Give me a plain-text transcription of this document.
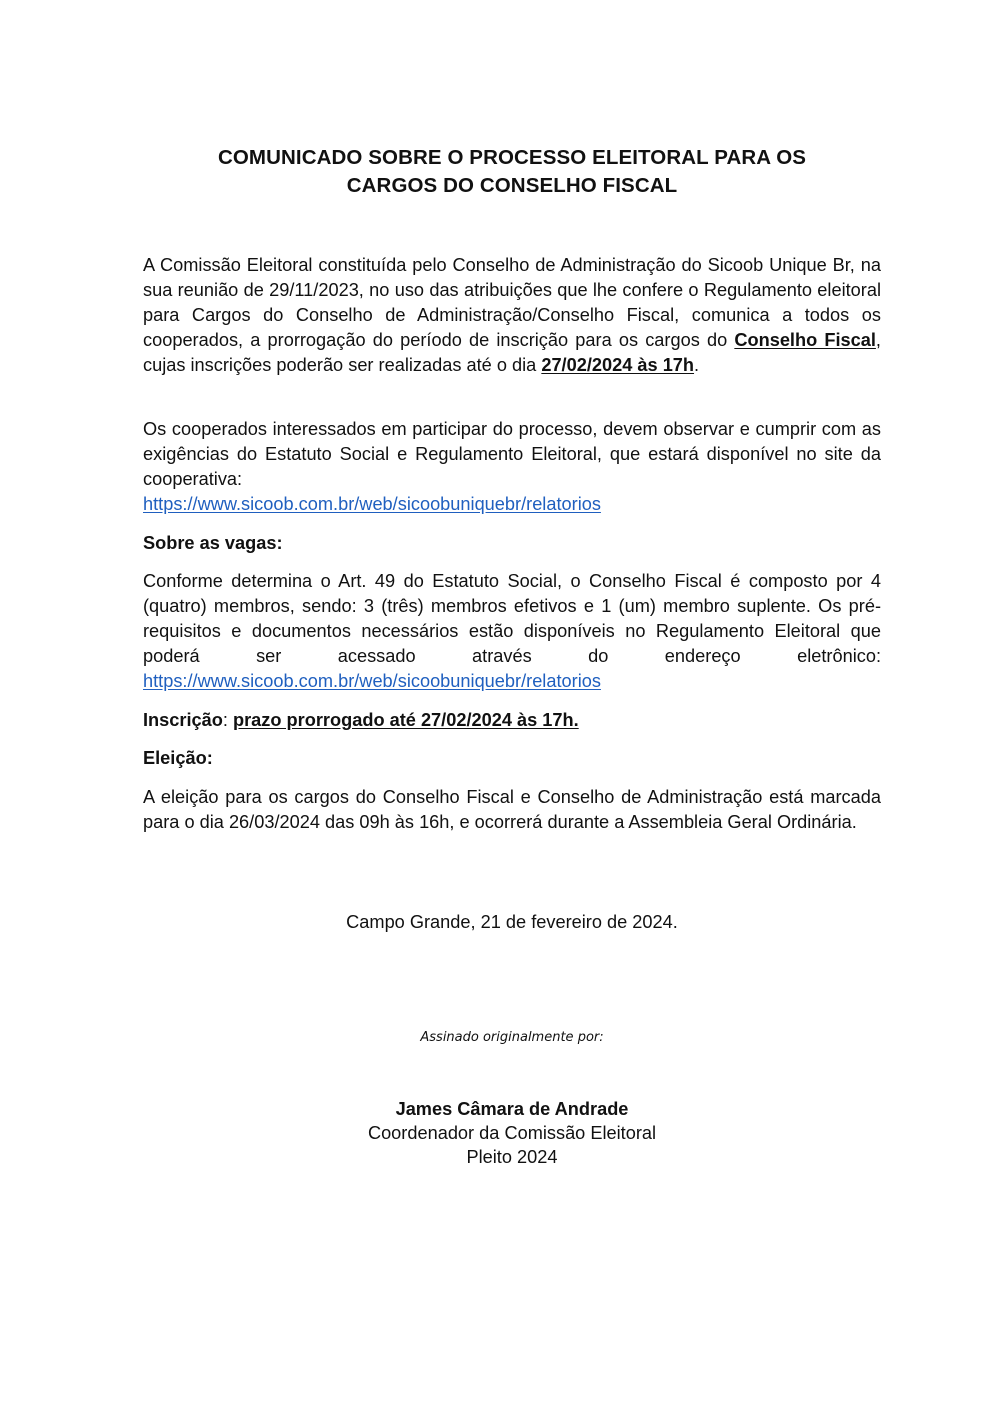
COMUNICADO SOBRE O PROCESSO ELEITORAL PARA OS
CARGOS DO CONSELHO FISCAL
A Comissão Eleitoral constituída pelo Conselho de Administração do Sicoob Unique Br, na sua reunião de 29/11/2023, no uso das atribuições que lhe confere o Regulamento eleitoral para Cargos do Conselho de Administração/Conselho Fiscal, comunica a todos os cooperados, a prorrogação do período de inscrição para os cargos do Conselho Fiscal, cujas inscrições poderão ser realizadas até o dia 27/02/2024 às 17h.
Os cooperados interessados em participar do processo, devem observar e cumprir com as exigências do Estatuto Social e Regulamento Eleitoral, que estará disponível no site da cooperativa:
https://www.sicoob.com.br/web/sicoobuniquebr/relatorios
Sobre as vagas:
Conforme determina o Art. 49 do Estatuto Social, o Conselho Fiscal é composto por 4 (quatro) membros, sendo: 3 (três) membros efetivos e 1 (um) membro suplente. Os pré-requisitos e documentos necessários estão disponíveis no Regulamento Eleitoral que poderá ser acessado através do endereço eletrônico:
https://www.sicoob.com.br/web/sicoobuniquebr/relatorios
Inscrição: prazo prorrogado até 27/02/2024 às 17h.
Eleição:
A eleição para os cargos do Conselho Fiscal e Conselho de Administração está marcada para o dia 26/03/2024 das 09h às 16h, e ocorrerá durante a Assembleia Geral Ordinária.
Campo Grande, 21 de fevereiro de 2024.
Assinado originalmente por:
James Câmara de Andrade
Coordenador da Comissão Eleitoral
Pleito 2024
